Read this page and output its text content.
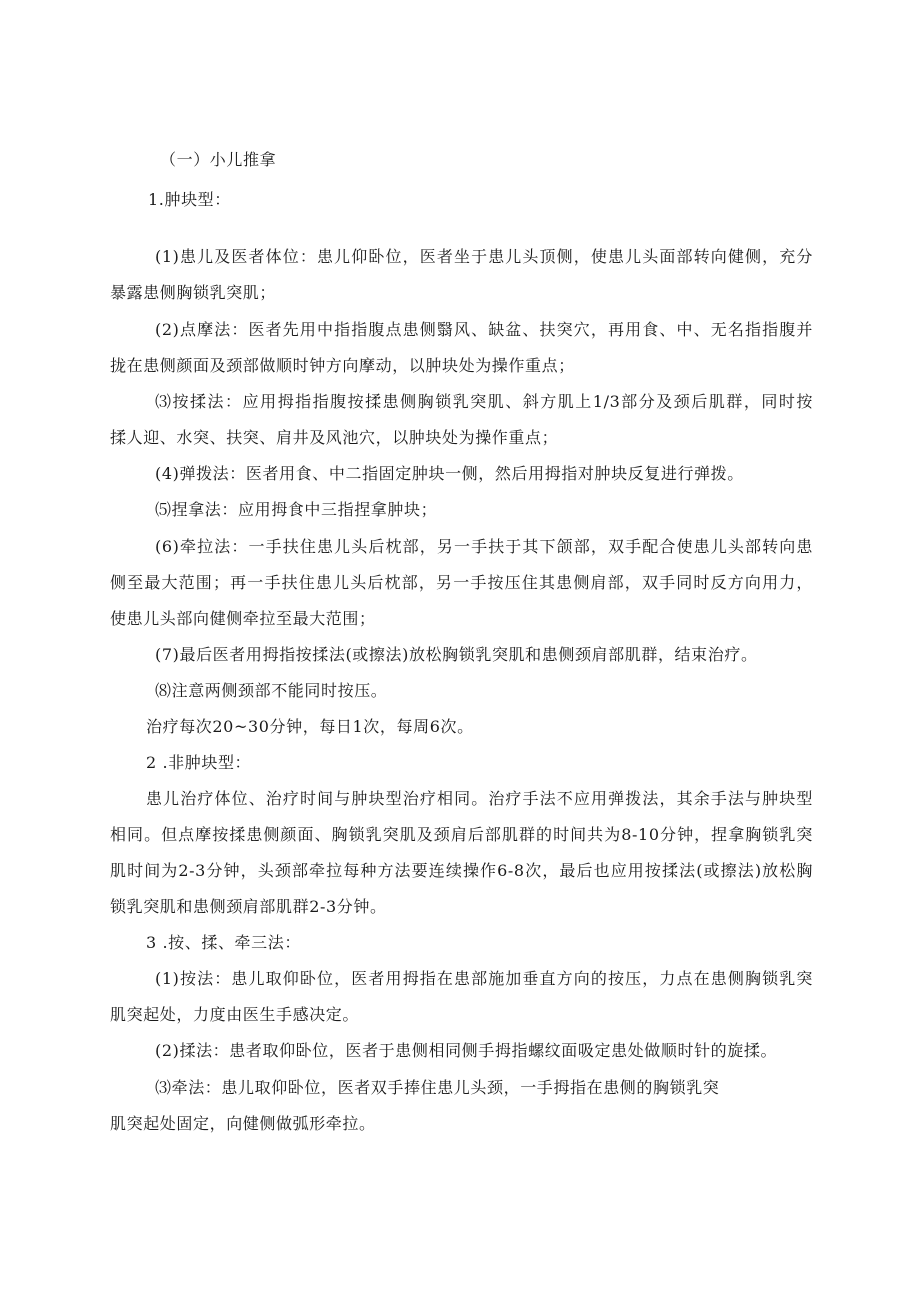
（一）小儿推拿
1.肿块型：
(1)患儿及医者体位：患儿仰卧位，医者坐于患儿头顶侧，使患儿头面部转向健侧，充分
暴露患侧胸锁乳突肌；
(2)点摩法：医者先用中指指腹点患侧翳风、缺盆、扶突穴，再用食、中、无名指指腹并
拢在患侧颜面及颈部做顺时钟方向摩动，以肿块处为操作重点；
⑶按揉法：应用拇指指腹按揉患侧胸锁乳突肌、斜方肌上1/3部分及颈后肌群，同时按
揉人迎、水突、扶突、肩井及风池穴，以肿块处为操作重点；
(4)弹拨法：医者用食、中二指固定肿块一侧，然后用拇指对肿块反复进行弹拨。
⑸捏拿法：应用拇食中三指捏拿肿块；
(6)牵拉法：一手扶住患儿头后枕部，另一手扶于其下颌部，双手配合使患儿头部转向患
侧至最大范围；再一手扶住患儿头后枕部，另一手按压住其患侧肩部，双手同时反方向用力，
使患儿头部向健侧牵拉至最大范围；
(7)最后医者用拇指按揉法(或擦法)放松胸锁乳突肌和患侧颈肩部肌群，结束治疗。
⑻注意两侧颈部不能同时按压。
治疗每次20~30分钟，每日1次，每周6次。
2 .非肿块型：
患儿治疗体位、治疗时间与肿块型治疗相同。治疗手法不应用弹拨法，其余手法与肿块型
相同。但点摩按揉患侧颜面、胸锁乳突肌及颈肩后部肌群的时间共为8-10分钟，捏拿胸锁乳突
肌时间为2-3分钟，头颈部牵拉每种方法要连续操作6-8次，最后也应用按揉法(或擦法)放松胸
锁乳突肌和患侧颈肩部肌群2-3分钟。
3 .按、揉、牵三法：
(1)按法：患儿取仰卧位，医者用拇指在患部施加垂直方向的按压，力点在患侧胸锁乳突
肌突起处，力度由医生手感决定。
(2)揉法：患者取仰卧位，医者于患侧相同侧手拇指螺纹面吸定患处做顺时针的旋揉。
⑶牵法：患儿取仰卧位，医者双手捧住患儿头颈，一手拇指在患侧的胸锁乳突
肌突起处固定，向健侧做弧形牵拉。
